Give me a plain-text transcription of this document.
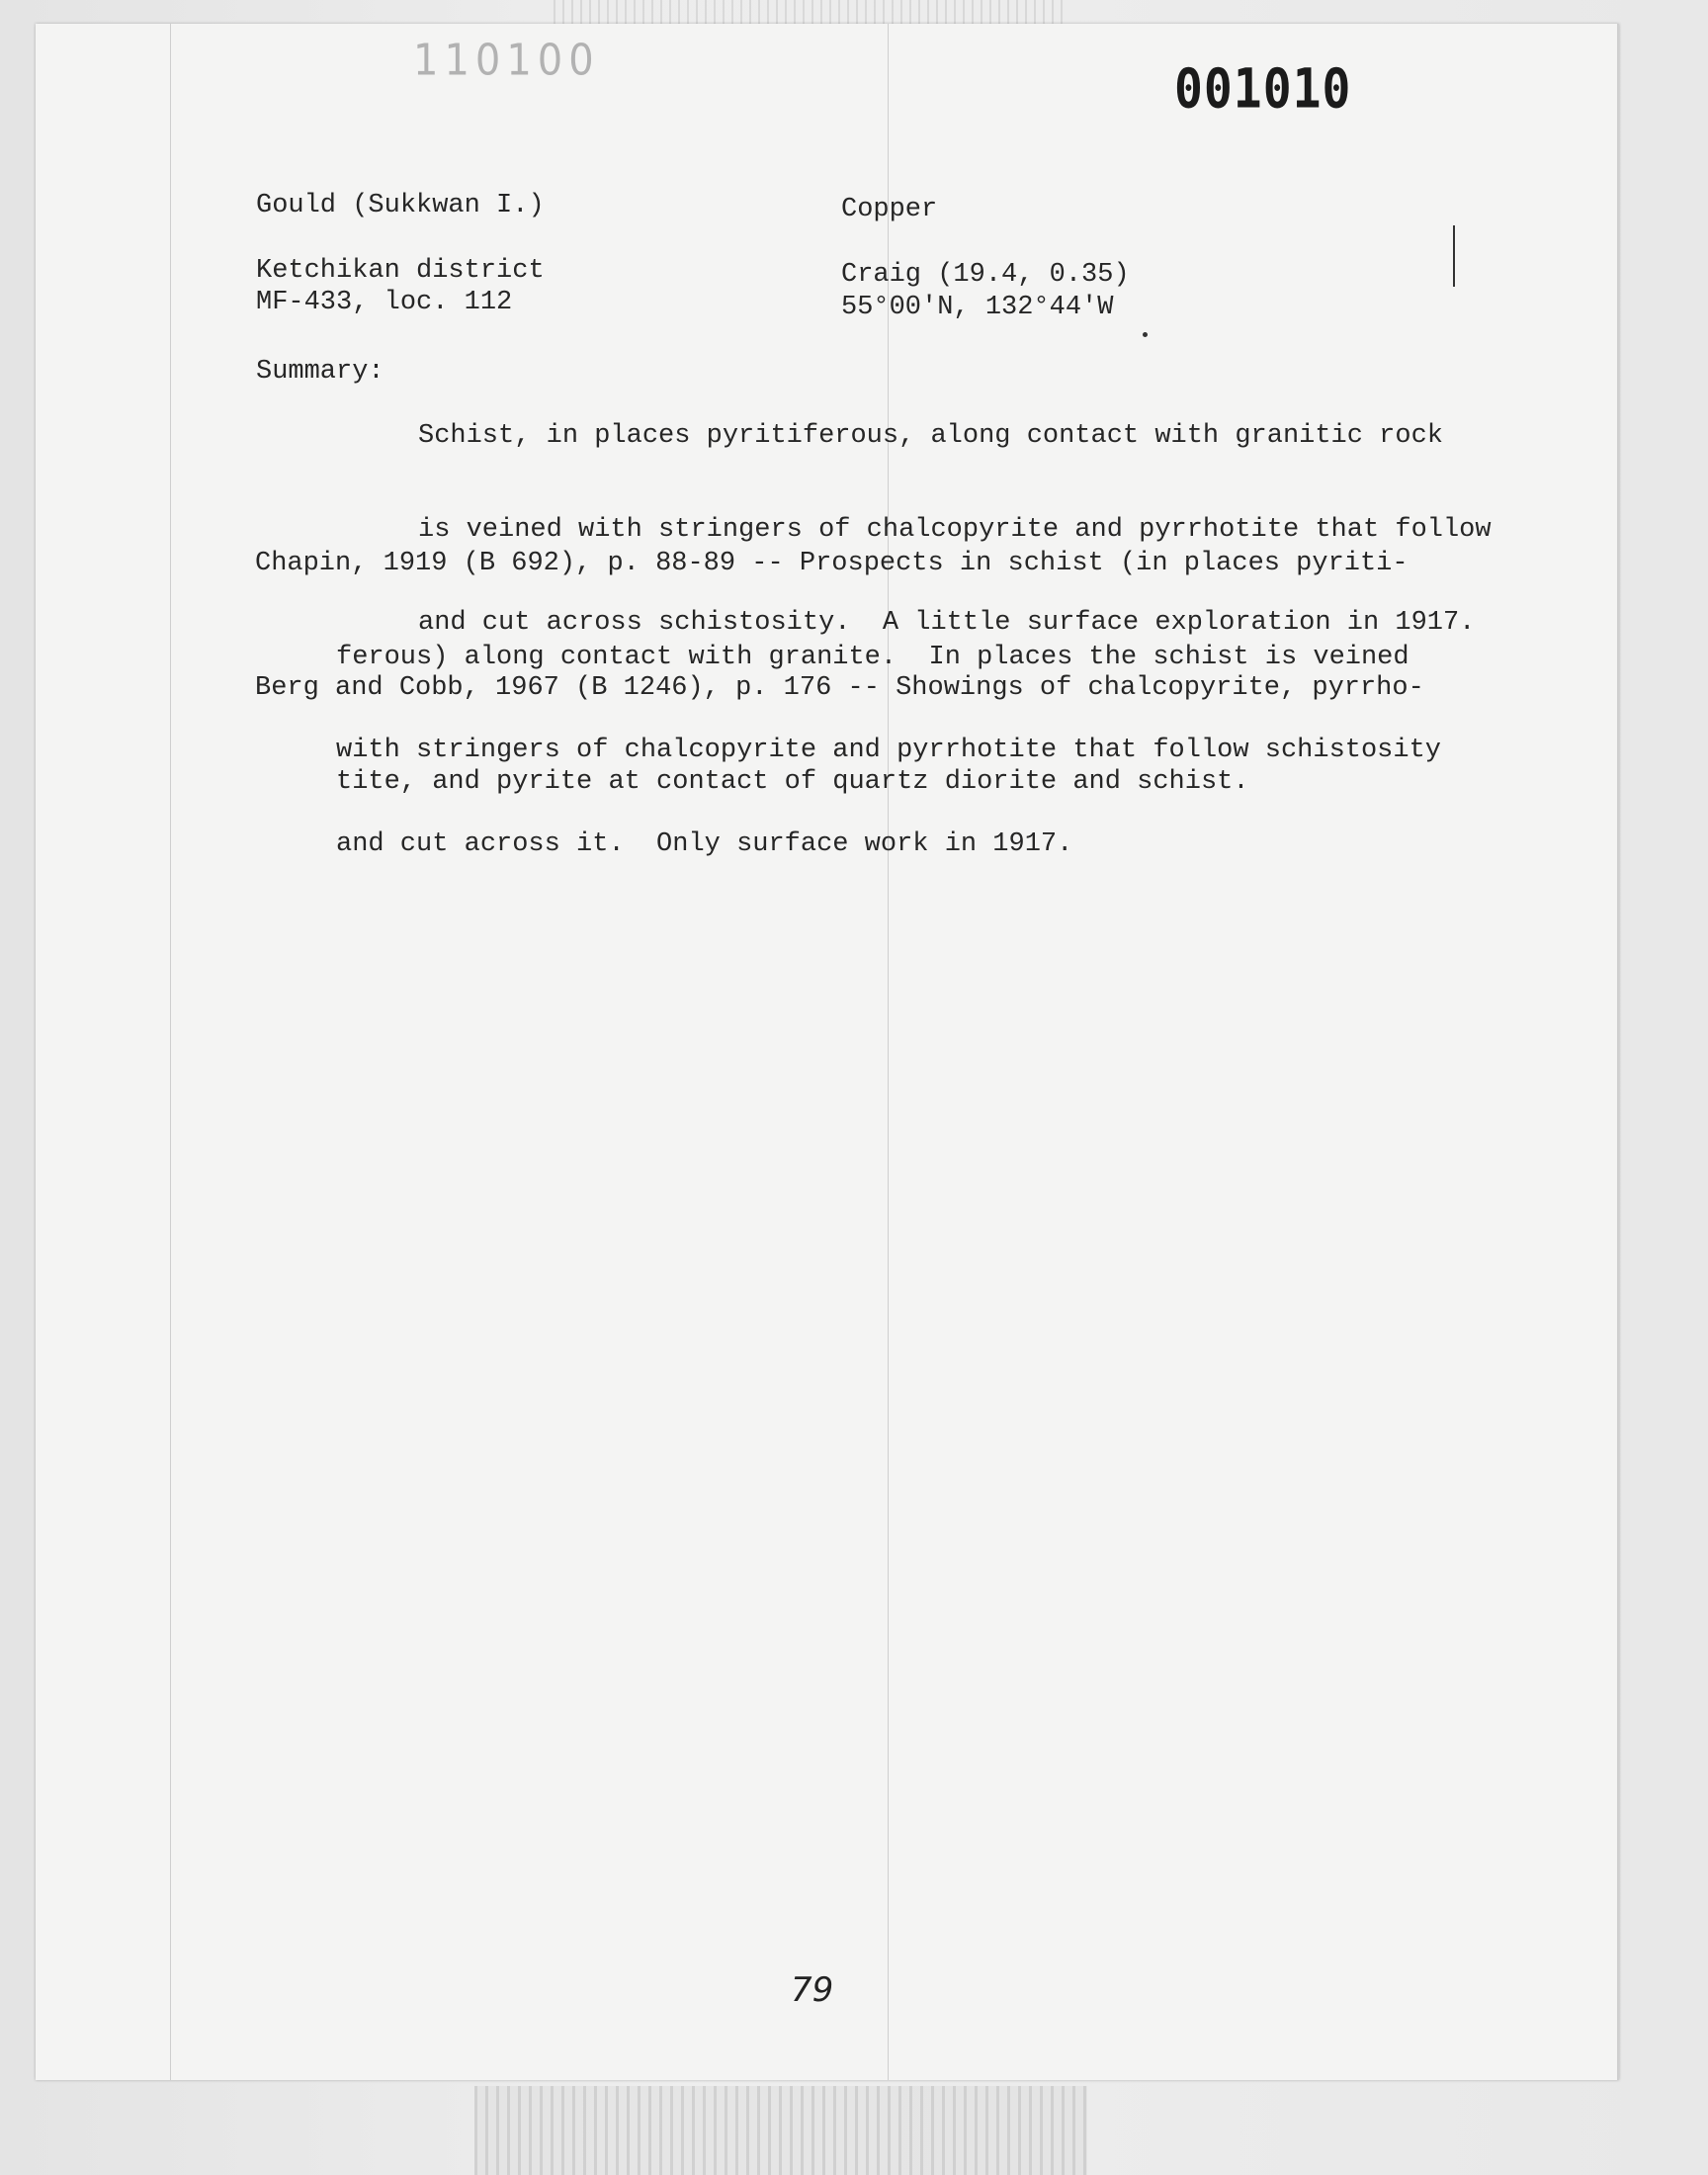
110100	001010
Gould (Sukkwan I.)	Copper
Ketchikan district	Craig (19.4, 0.35)
MF-433, loc. 112	55°00'N, 132°44'W
Summary:

Schist, in places pyritiferous, along contact with granitic rock

is veined with stringers of chalcopyrite and pyrrhotite that follow

and cut across schistosity.  A little surface exploration in 1917.

Chapin, 1919 (B 692), p. 88-89 -- Prospects in schist (in places pyriti-

ferous) along contact with granite.  In places the schist is veined

with stringers of chalcopyrite and pyrrhotite that follow schistosity

and cut across it.  Only surface work in 1917.

Berg and Cobb, 1967 (B 1246), p. 176 -- Showings of chalcopyrite, pyrrho-

tite, and pyrite at contact of quartz diorite and schist.

79
